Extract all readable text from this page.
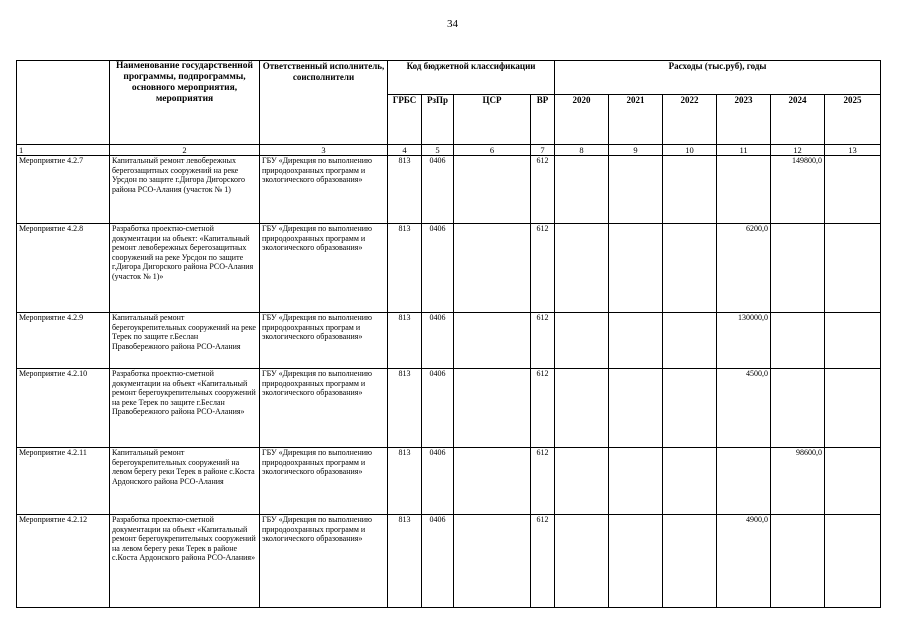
34
	Наименование государственной программы, подпрограммы, основного мероприятия, мероприятия	Ответственный исполнитель, соисполнители	Код бюджетной классификации				Расходы (тыс.руб), годы					
			ГРБС	РзПр	ЦСР	ВР	2020	2021	2022	2023	2024	2025
1	2	3	4	5	6	7	8	9	10	11	12	13
Мероприятие 4.2.7	Капитальный ремонт левобережных берегозащитных сооружений на реке Урсдон по защите г.Дигора Дигорского района РСО-Алания (участок № 1)	ГБУ «Дирекция по выполнению природоохранных программ и экологического образования»	813	0406		612					149800,0	
Мероприятие 4.2.8	Разработка проектно-сметной документации на объект: «Капитальный ремонт левобережных берегозащитных сооружений на реке Урсдон по защите г.Дигора Дигорского района РСО-Алания (участок № 1)»	ГБУ «Дирекция по выполнению природоохранных программ и экологического образования»	813	0406		612				6200,0		
Мероприятие 4.2.9	Капитальный ремонт берегоукрепительных сооружений на реке Терек по защите г.Беслан Правобережного района РСО-Алания	ГБУ «Дирекция по выполнению природоохранных програм и экологического образования»	813	0406		612				130000,0		
Мероприятие 4.2.10	Разработка проектно-сметной документации на объект «Капитальный ремонт берегоукрепительных сооружений на реке Терек по защите г.Беслан Правобережного района РСО-Алания»	ГБУ «Дирекция по выполнению природоохранных программ и экологического образования»	813	0406		612				4500,0		
Мероприятие 4.2.11	Капитальный ремонт берегоукрепительных сооружений на левом берегу реки Терек в районе с.Коста Ардонского района РСО-Алания	ГБУ «Дирекция по выполнению природоохранных программ и экологического образования»	813	0406		612					98600,0	
Мероприятие 4.2.12	Разработка проектно-сметной документации на объект «Капитальный ремонт берегоукрепительных сооружений на левом берегу реки Терек в районе с.Коста Ардонского района РСО-Алания»	ГБУ «Дирекция по выполнению природоохранных программ и экологического образования»	813	0406		612				4900,0		
